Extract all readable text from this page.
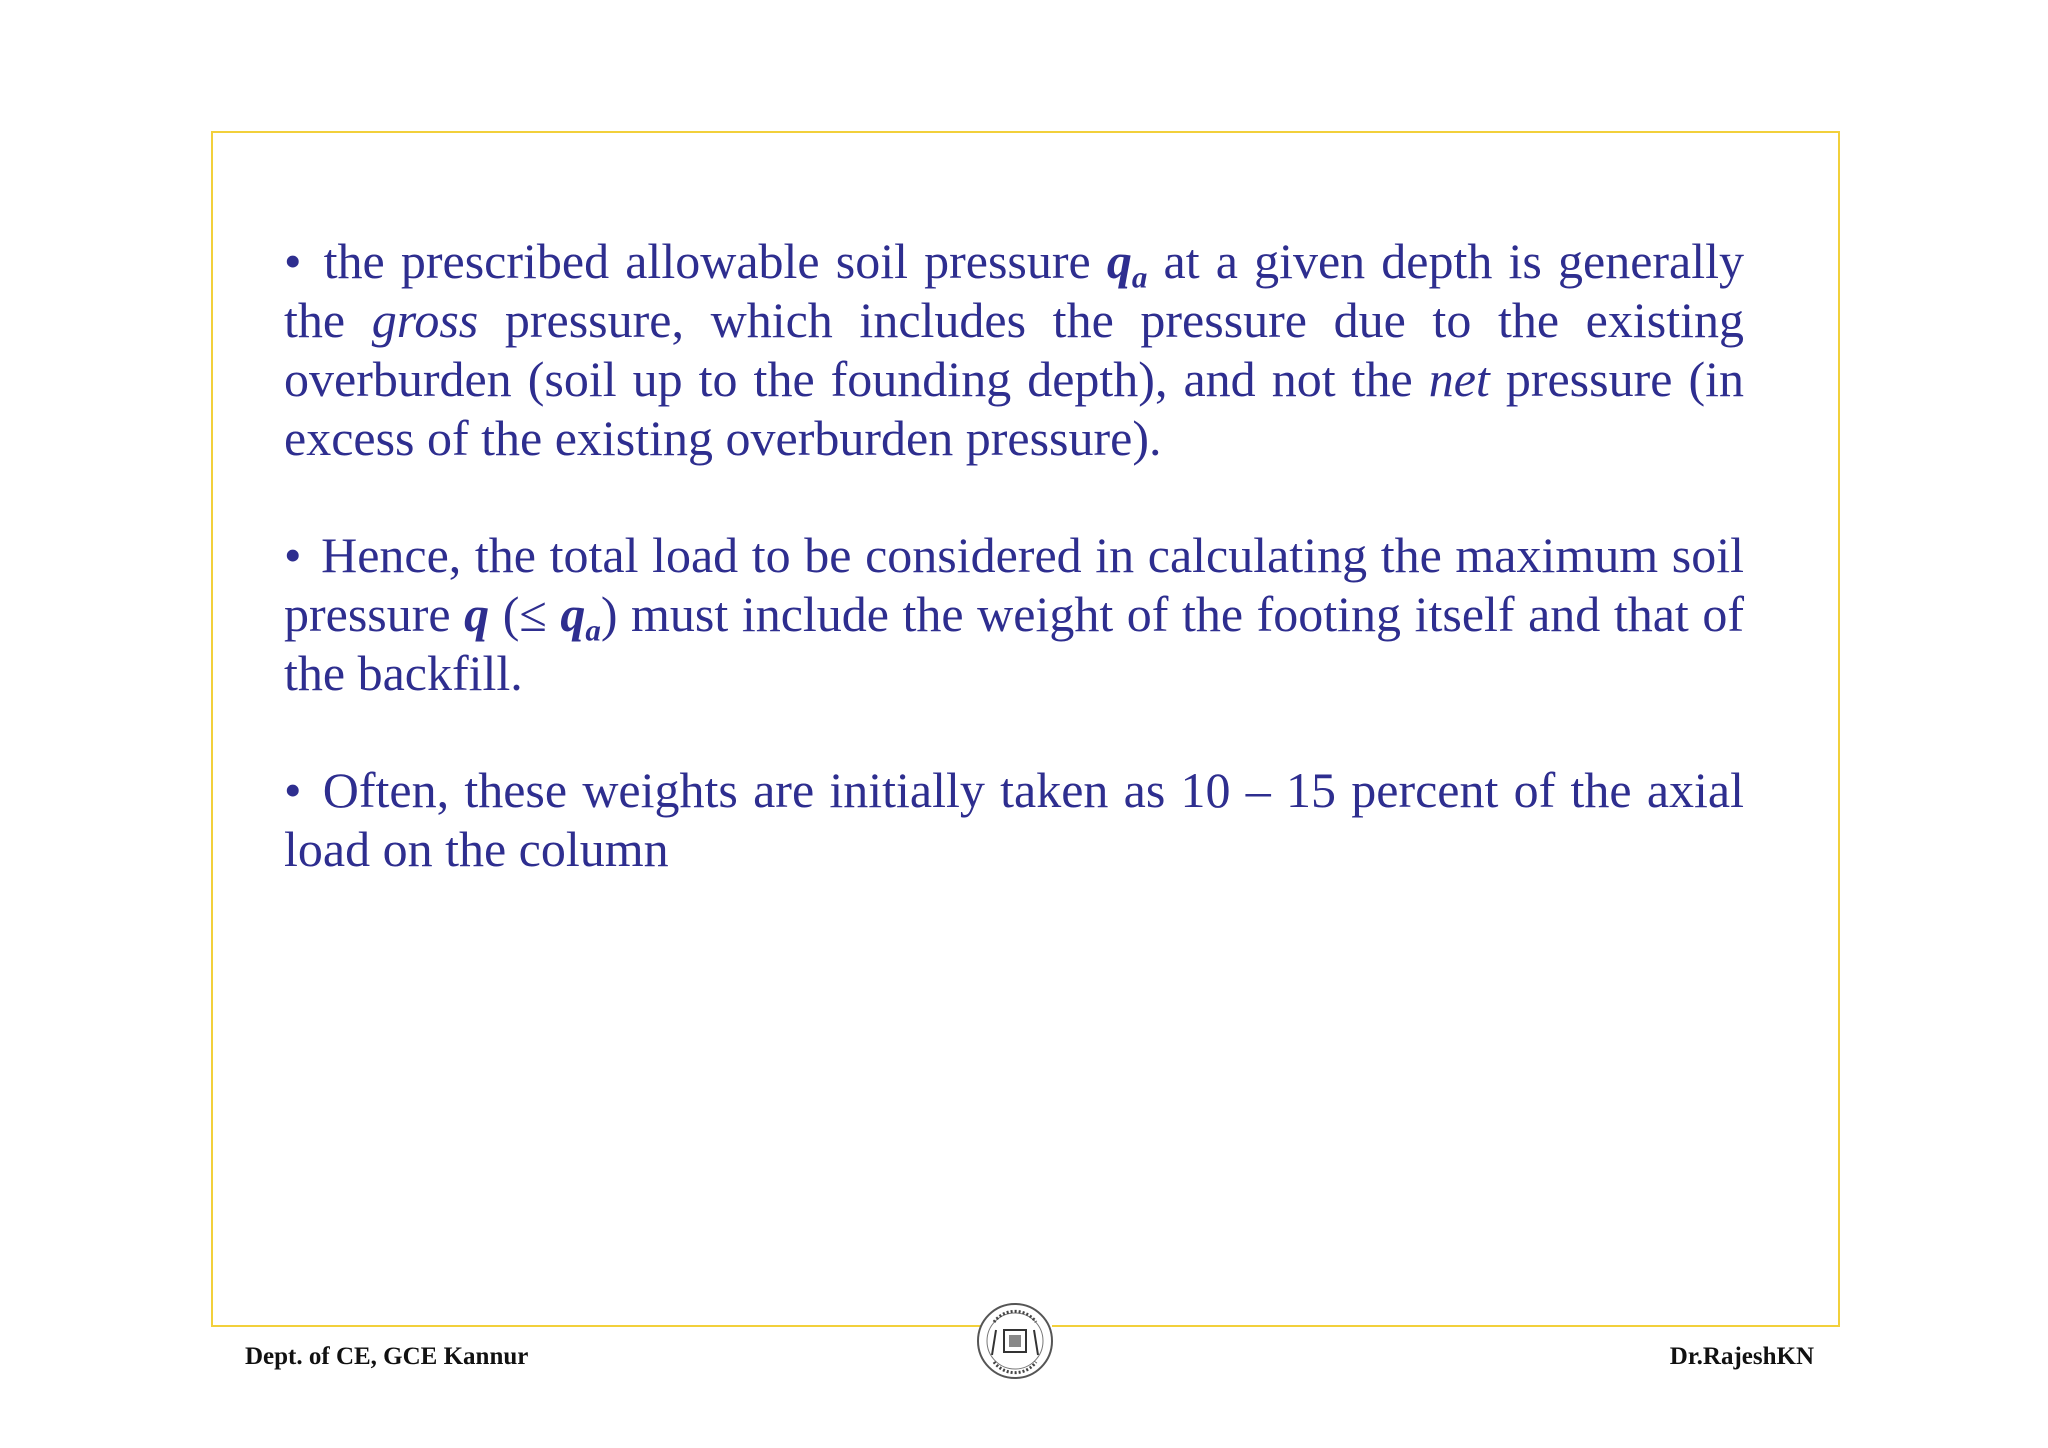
• the prescribed allowable soil pressure $q_a$ at a given depth is generally the gross pressure, which includes the pressure due to the existing overburden (soil up to the founding depth), and not the net pressure (in excess of the existing overburden pressure).

• Hence, the total load to be considered in calculating the maximum soil pressure q (≤ $q_a$) must include the weight of the footing itself and that of the backfill.

• Often, these weights are initially taken as 10 – 15 percent of the axial load on the column

Dept. of CE, GCE Kannur	Dr.RajeshKN
